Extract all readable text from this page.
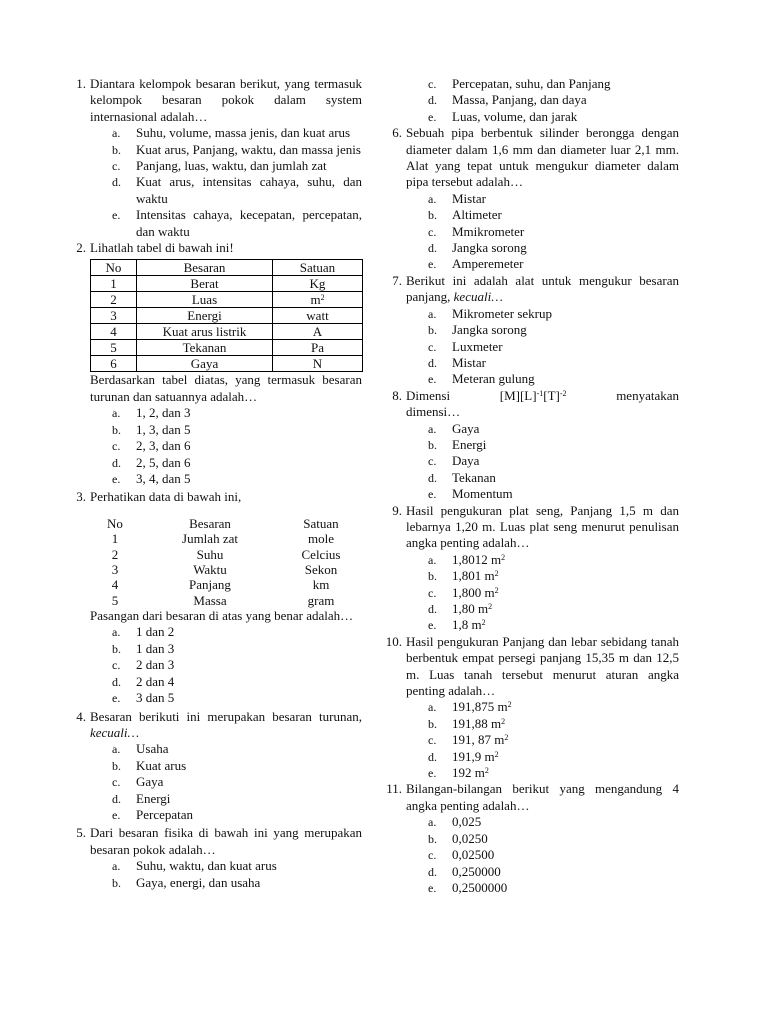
1. Diantara kelompok besaran berikut, yang termasuk kelompok besaran pokok dalam system internasional adalah…
a. Suhu, volume, massa jenis, dan kuat arus
b. Kuat arus, Panjang, waktu, dan massa jenis
c. Panjang, luas, waktu, dan jumlah zat
d. Kuat arus, intensitas cahaya, suhu, dan waktu
e. Intensitas cahaya, kecepatan, percepatan, dan waktu
2. Lihatlah tabel di bawah ini!
No	Besaran	Satuan
1	Berat	Kg
2	Luas	$m^2$
3	Energi	watt
4	Kuat arus listrik	A
5	Tekanan	Pa
6	Gaya	N
Berdasarkan tabel diatas, yang termasuk besaran turunan dan satuannya adalah…
a. 1, 2, dan 3
b. 1, 3, dan 5
c. 2, 3, dan 6
d. 2, 5, dan 6
e. 3, 4, dan 5
3. Perhatikan data di bawah ini,
No	Besaran	Satuan
1	Jumlah zat	mole
2	Suhu	Celcius
3	Waktu	Sekon
4	Panjang	km
5	Massa	gram
Pasangan dari besaran di atas yang benar adalah…
a. 1 dan 2
b. 1 dan 3
c. 2 dan 3
d. 2 dan 4
e. 3 dan 5
4. Besaran berikuti ini merupakan besaran turunan, kecuali…
a. Usaha
b. Kuat arus
c. Gaya
d. Energi
e. Percepatan
5. Dari besaran fisika di bawah ini yang merupakan besaran pokok adalah…
a. Suhu, waktu, dan kuat arus
b. Gaya, energi, dan usaha
c. Percepatan, suhu, dan Panjang
d. Massa, Panjang, dan daya
e. Luas, volume, dan jarak
6. Sebuah pipa berbentuk silinder berongga dengan diameter dalam 1,6 mm dan diameter luar 2,1 mm. Alat yang tepat untuk mengukur diameter dalam pipa tersebut adalah…
a. Mistar
b. Altimeter
c. Mmikrometer
d. Jangka sorong
e. Amperemeter
7. Berikut ini adalah alat untuk mengukur besaran panjang, kecuali…
a. Mikrometer sekrup
b. Jangka sorong
c. Luxmeter
d. Mistar
e. Meteran gulung
8. Dimensi	$[M][L]^{-1}[T]^{-2}$	menyatakan
dimensi…
a. Gaya
b. Energi
c. Daya
d. Tekanan
e. Momentum
9. Hasil pengukuran plat seng, Panjang 1,5 m dan lebarnya 1,20 m. Luas plat seng menurut penulisan angka penting adalah…
a. 1,8012 $m^2$
b. 1,801 $m^2$
c. 1,800 $m^2$
d. 1,80 $m^2$
e. 1,8 $m^2$
10. Hasil pengukuran Panjang dan lebar sebidang tanah berbentuk empat persegi panjang 15,35 m dan 12,5 m. Luas tanah tersebut menurut aturan angka penting adalah…
a. 191,875 $m^2$
b. 191,88 $m^2$
c. 191, 87 $m^2$
d. 191,9 $m^2$
e. 192 $m^2$
11. Bilangan-bilangan berikut yang mengandung 4 angka penting adalah…
a. 0,025
b. 0,0250
c. 0,02500
d. 0,250000
e. 0,2500000
